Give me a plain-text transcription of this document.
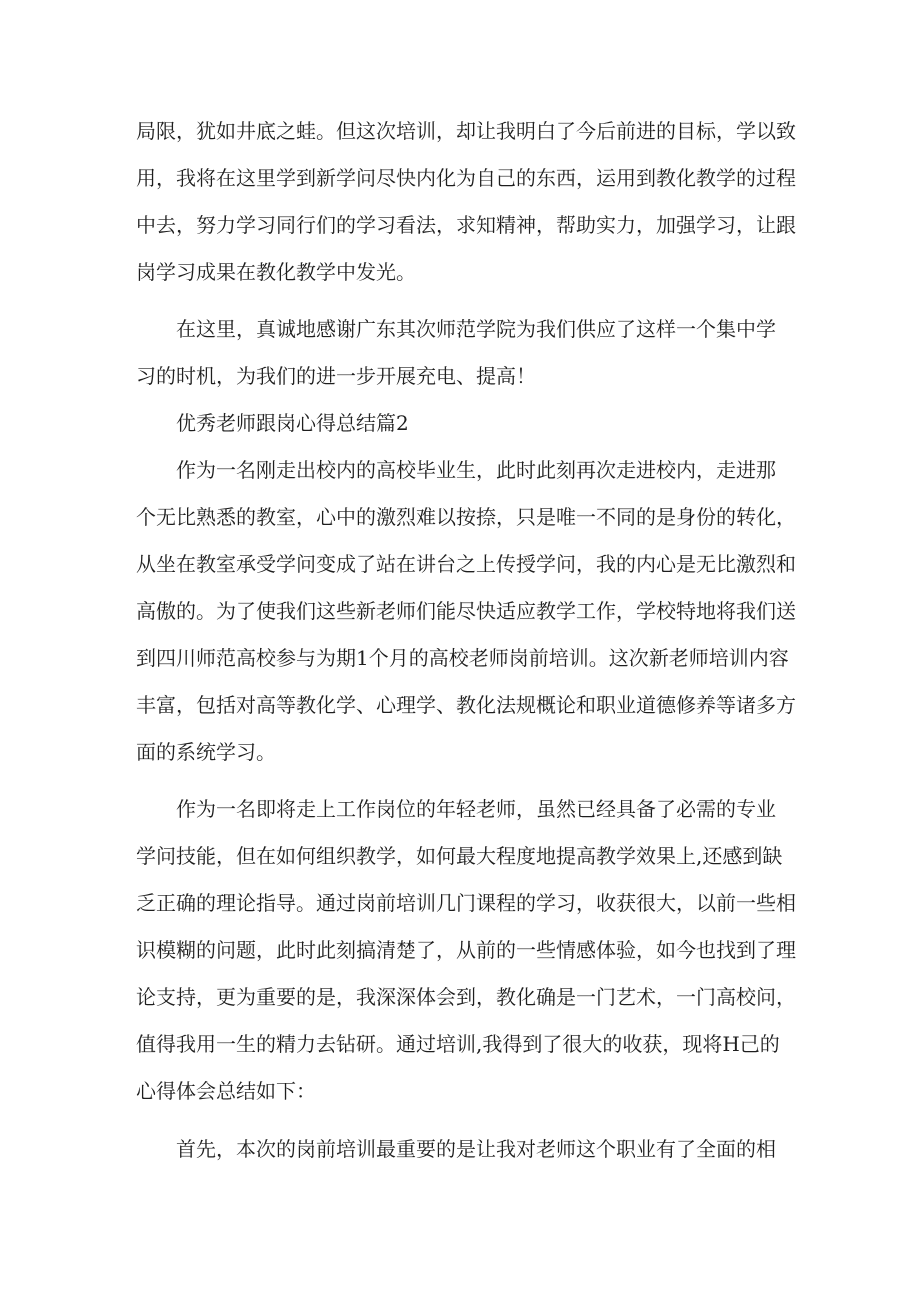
局限，犹如井底之蛙。但这次培训，却让我明白了今后前进的目标，学以致

用，我将在这里学到新学问尽快内化为自己的东西，运用到教化教学的过程

中去，努力学习同行们的学习看法，求知精神，帮助实力，加强学习，让跟

岗学习成果在教化教学中发光。

在这里，真诚地感谢广东其次师范学院为我们供应了这样一个集中学

习的时机，为我们的进一步开展充电、提高！

优秀老师跟岗心得总结篇2

作为一名刚走出校内的高校毕业生，此时此刻再次走进校内，走进那

个无比熟悉的教室，心中的激烈难以按捺，只是唯一不同的是身份的转化，

从坐在教室承受学问变成了站在讲台之上传授学问，我的内心是无比激烈和

高傲的。为了使我们这些新老师们能尽快适应教学工作，学校特地将我们送

到四川师范高校参与为期1个月的高校老师岗前培训。这次新老师培训内容

丰富，包括对高等教化学、心理学、教化法规概论和职业道德修养等诸多方

面的系统学习。

作为一名即将走上工作岗位的年轻老师，虽然已经具备了必需的专业

学问技能，但在如何组织教学，如何最大程度地提高教学效果上,还感到缺

乏正确的理论指导。通过岗前培训几门课程的学习，收获很大，以前一些相

识模糊的问题，此时此刻搞清楚了，从前的一些情感体验，如今也找到了理

论支持，更为重要的是，我深深体会到，教化确是一门艺术，一门高校问，

值得我用一生的精力去钻研。通过培训,我得到了很大的收获，现将H己的

心得体会总结如下：

首先，本次的岗前培训最重要的是让我对老师这个职业有了全面的相
